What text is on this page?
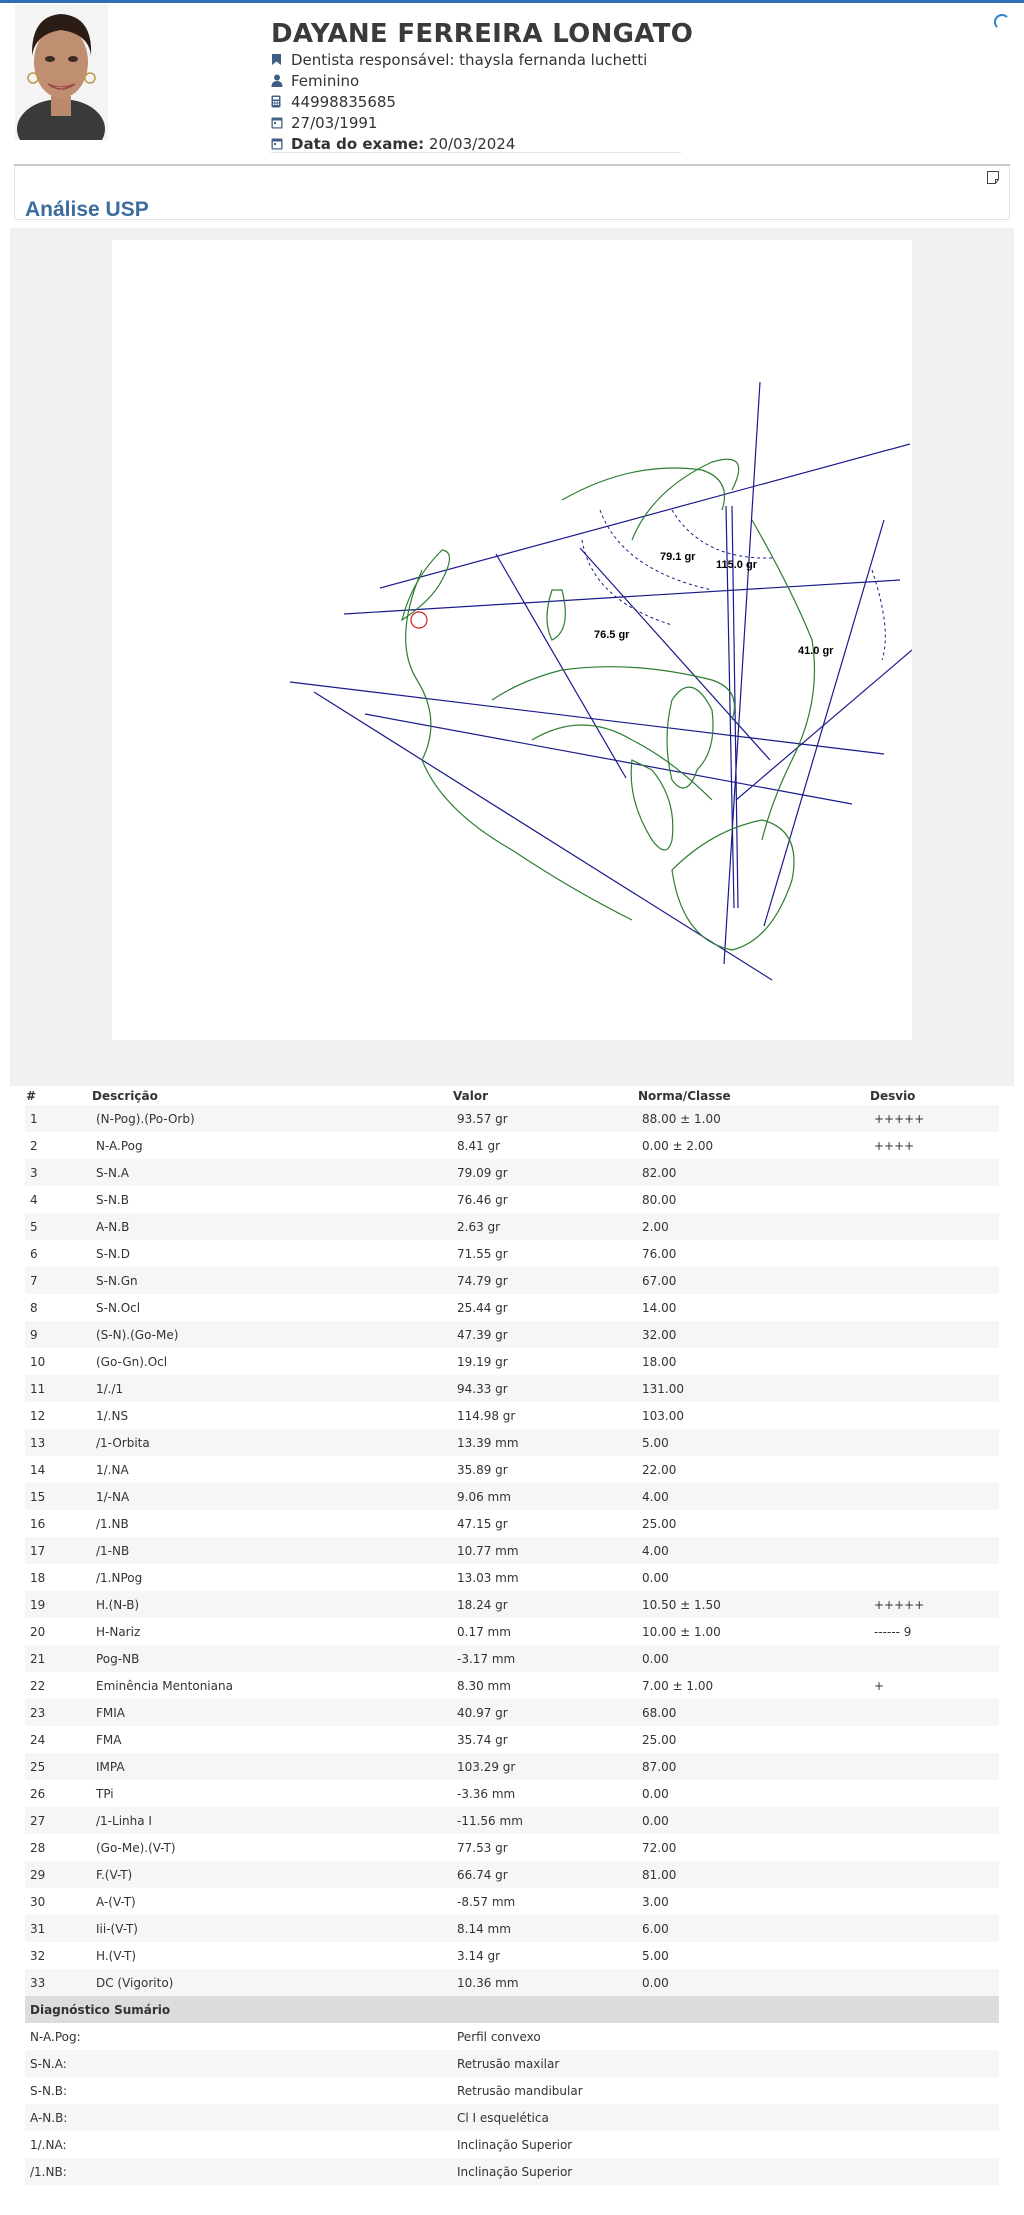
DAYANE FERREIRA LONGATO
Dentista responsável: thaysla fernanda luchetti
Feminino
44998835685
27/03/1991
Data do exame:
20/03/2024
Análise USP
79.1 gr
115.0 gr
76.5 gr
41.0 gr
#	Descrição	Valor	Norma/Classe	Desvio
1	(N-Pog).(Po-Orb)	93.57 gr	88.00 ± 1.00	+++++
2	N-A.Pog	8.41 gr	0.00 ± 2.00	++++
3	S-N.A	79.09 gr	82.00	
4	S-N.B	76.46 gr	80.00	
5	A-N.B	2.63 gr	2.00	
6	S-N.D	71.55 gr	76.00	
7	S-N.Gn	74.79 gr	67.00	
8	S-N.Ocl	25.44 gr	14.00	
9	(S-N).(Go-Me)	47.39 gr	32.00	
10	(Go-Gn).Ocl	19.19 gr	18.00	
11	1/./1	94.33 gr	131.00	
12	1/.NS	114.98 gr	103.00	
13	/1-Orbita	13.39 mm	5.00	
14	1/.NA	35.89 gr	22.00	
15	1/-NA	9.06 mm	4.00	
16	/1.NB	47.15 gr	25.00	
17	/1-NB	10.77 mm	4.00	
18	/1.NPog	13.03 mm	0.00	
19	H.(N-B)	18.24 gr	10.50 ± 1.50	+++++
20	H-Nariz	0.17 mm	10.00 ± 1.00	------ 9
21	Pog-NB	-3.17 mm	0.00	
22	Eminência Mentoniana	8.30 mm	7.00 ± 1.00	+
23	FMIA	40.97 gr	68.00	
24	FMA	35.74 gr	25.00	
25	IMPA	103.29 gr	87.00	
26	TPi	-3.36 mm	0.00	
27	/1-Linha I	-11.56 mm	0.00	
28	(Go-Me).(V-T)	77.53 gr	72.00	
29	F.(V-T)	66.74 gr	81.00	
30	A-(V-T)	-8.57 mm	3.00	
31	Iii-(V-T)	8.14 mm	6.00	
32	H.(V-T)	3.14 gr	5.00	
33	DC (Vigorito)	10.36 mm	0.00	
Diagnóstico Sumário				
N-A.Pog:		Perfil convexo		
S-N.A:		Retrusão maxilar		
S-N.B:		Retrusão mandibular		
A-N.B:		Cl I esquelética		
1/.NA:		Inclinação Superior		
/1.NB:		Inclinação Superior		
